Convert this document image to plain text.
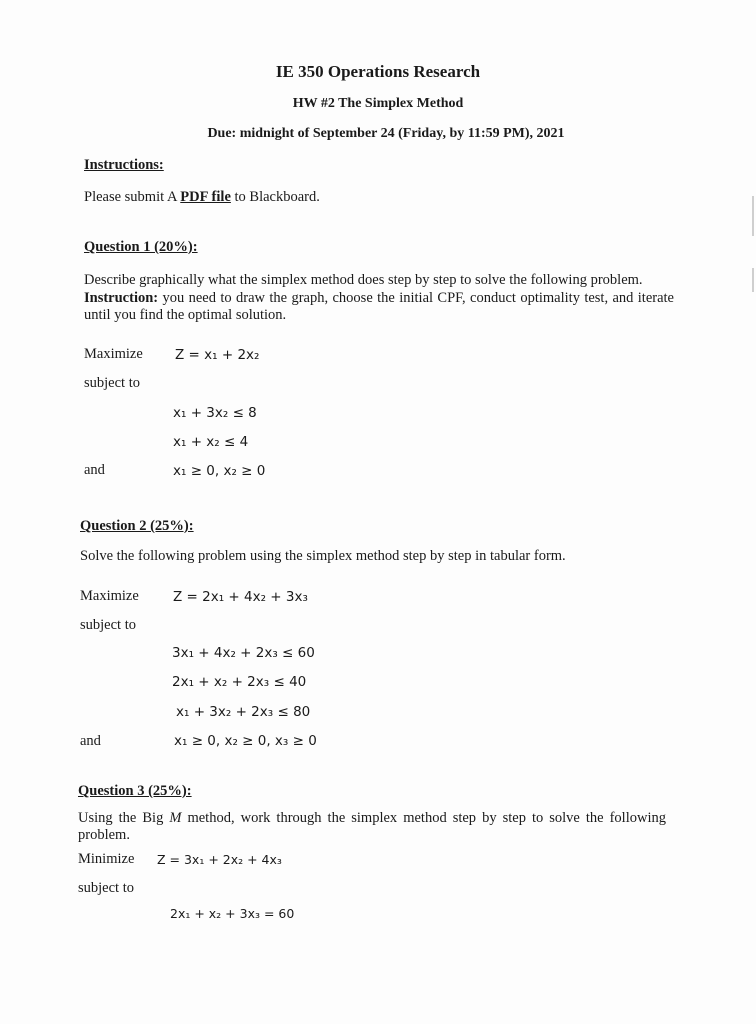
IE 350 Operations Research
HW #2 The Simplex Method
Due: midnight of September 24 (Friday, by 11:59 PM), 2021
Instructions:
Please submit A PDF file to Blackboard.
Question 1 (20%):
Describe graphically what the simplex method does step by step to solve the following problem.
Instruction: you need to draw the graph, choose the initial CPF, conduct optimality test, and iterate until you find the optimal solution.
Maximize Z = x₁ + 2x₂
subject to
x₁ + 3x₂ ≤ 8
x₁ + x₂ ≤ 4
and	x₁ ≥ 0, x₂ ≥ 0
Question 2 (25%):
Solve the following problem using the simplex method step by step in tabular form.
Maximize	Z = 2x₁ + 4x₂ + 3x₃
subject to
3x₁ + 4x₂ + 2x₃ ≤ 60
2x₁ + x₂ + 2x₃ ≤ 40
x₁ + 3x₂ + 2x₃ ≤ 80
and	x₁ ≥ 0, x₂ ≥ 0, x₃ ≥ 0
Question 3 (25%):
Using the Big M method, work through the simplex method step by step to solve the following problem.
Minimize Z = 3x₁ + 2x₂ + 4x₃
subject to
2x₁ + x₂ + 3x₃ = 60
